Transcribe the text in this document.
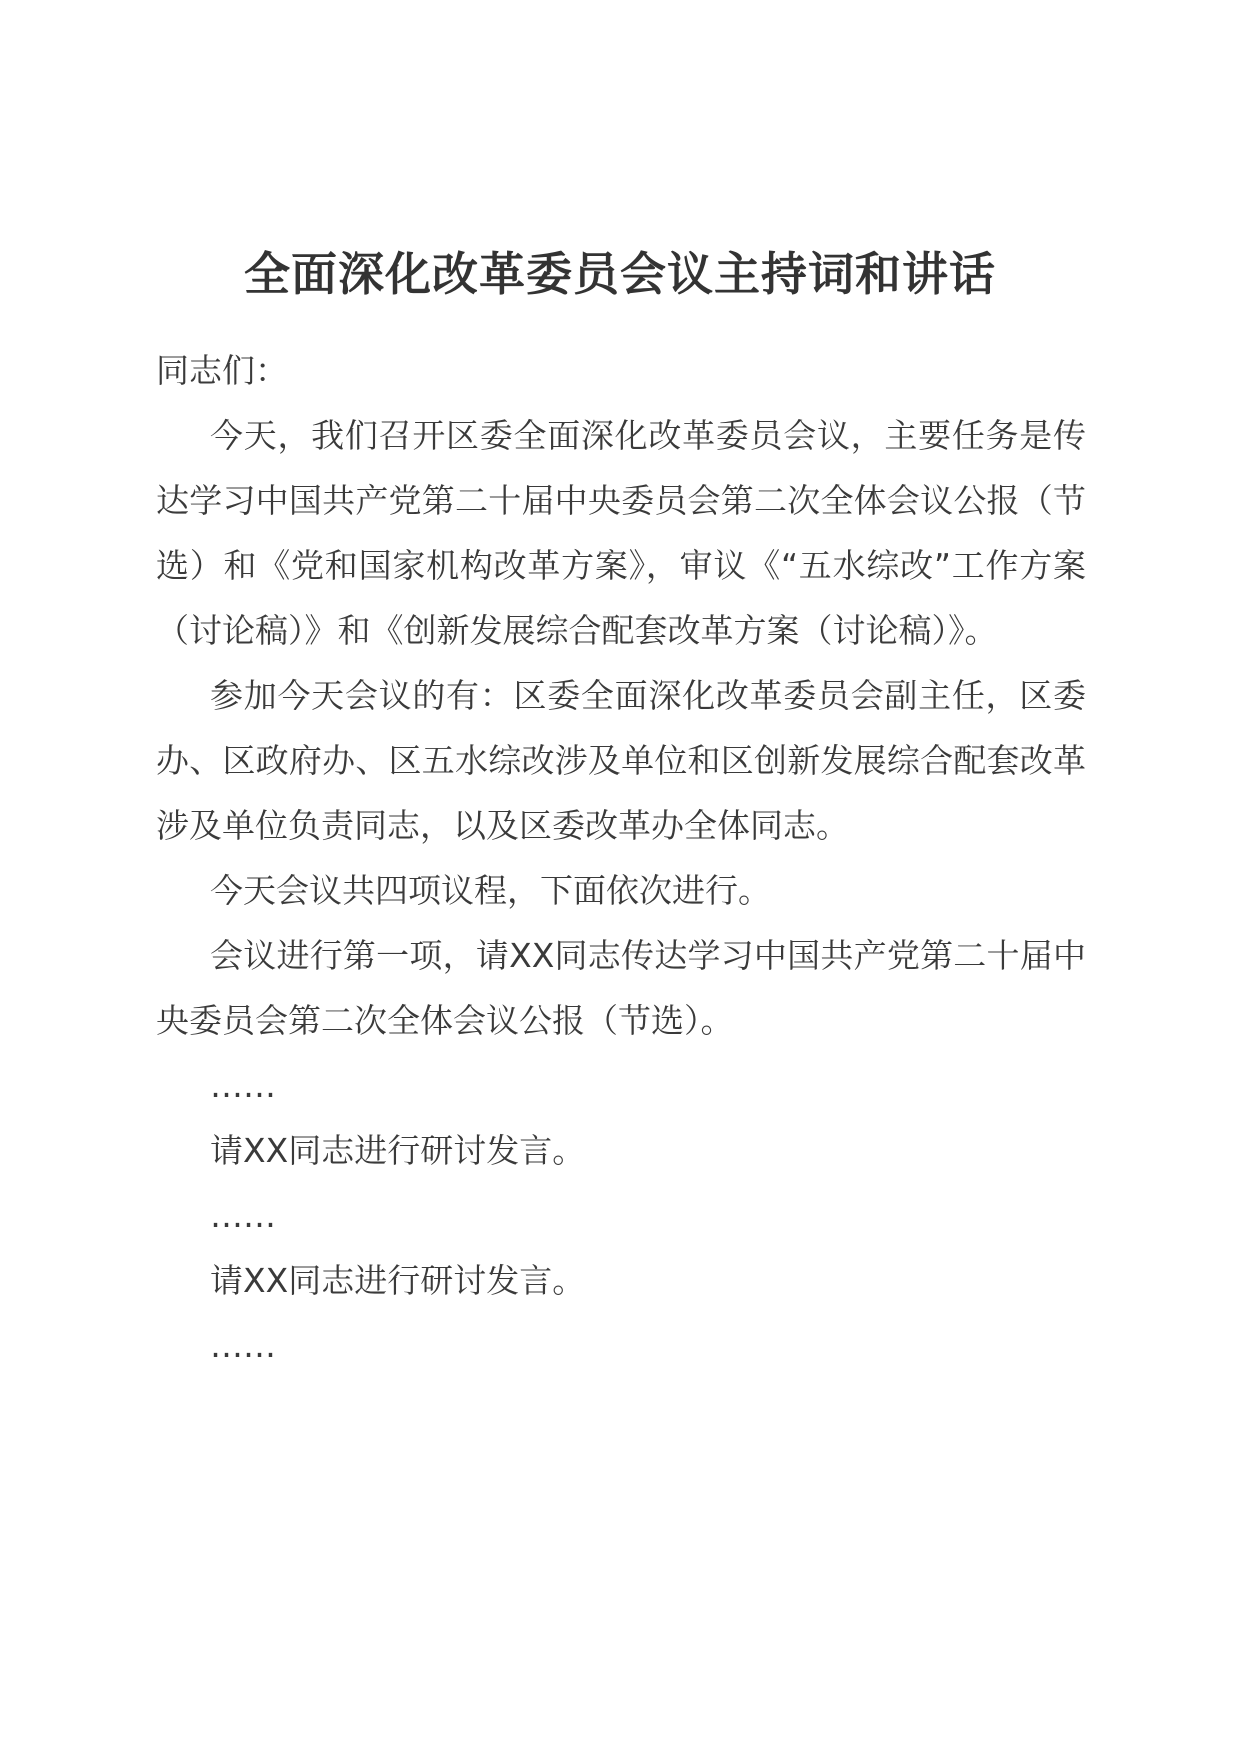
全面深化改革委员会议主持词和讲话

同志们：

今天，我们召开区委全面深化改革委员会议，主要任务是传达学习中国共产党第二十届中央委员会第二次全体会议公报（节选）和《党和国家机构改革方案》，审议《“五水综改”工作方案（讨论稿）》和《创新发展综合配套改革方案（讨论稿）》。

参加今天会议的有：区委全面深化改革委员会副主任，区委办、区政府办、区五水综改涉及单位和区创新发展综合配套改革涉及单位负责同志，以及区委改革办全体同志。

今天会议共四项议程，下面依次进行。

会议进行第一项，请XX同志传达学习中国共产党第二十届中央委员会第二次全体会议公报（节选）。

……

请XX同志进行研讨发言。

……

请XX同志进行研讨发言。

……
